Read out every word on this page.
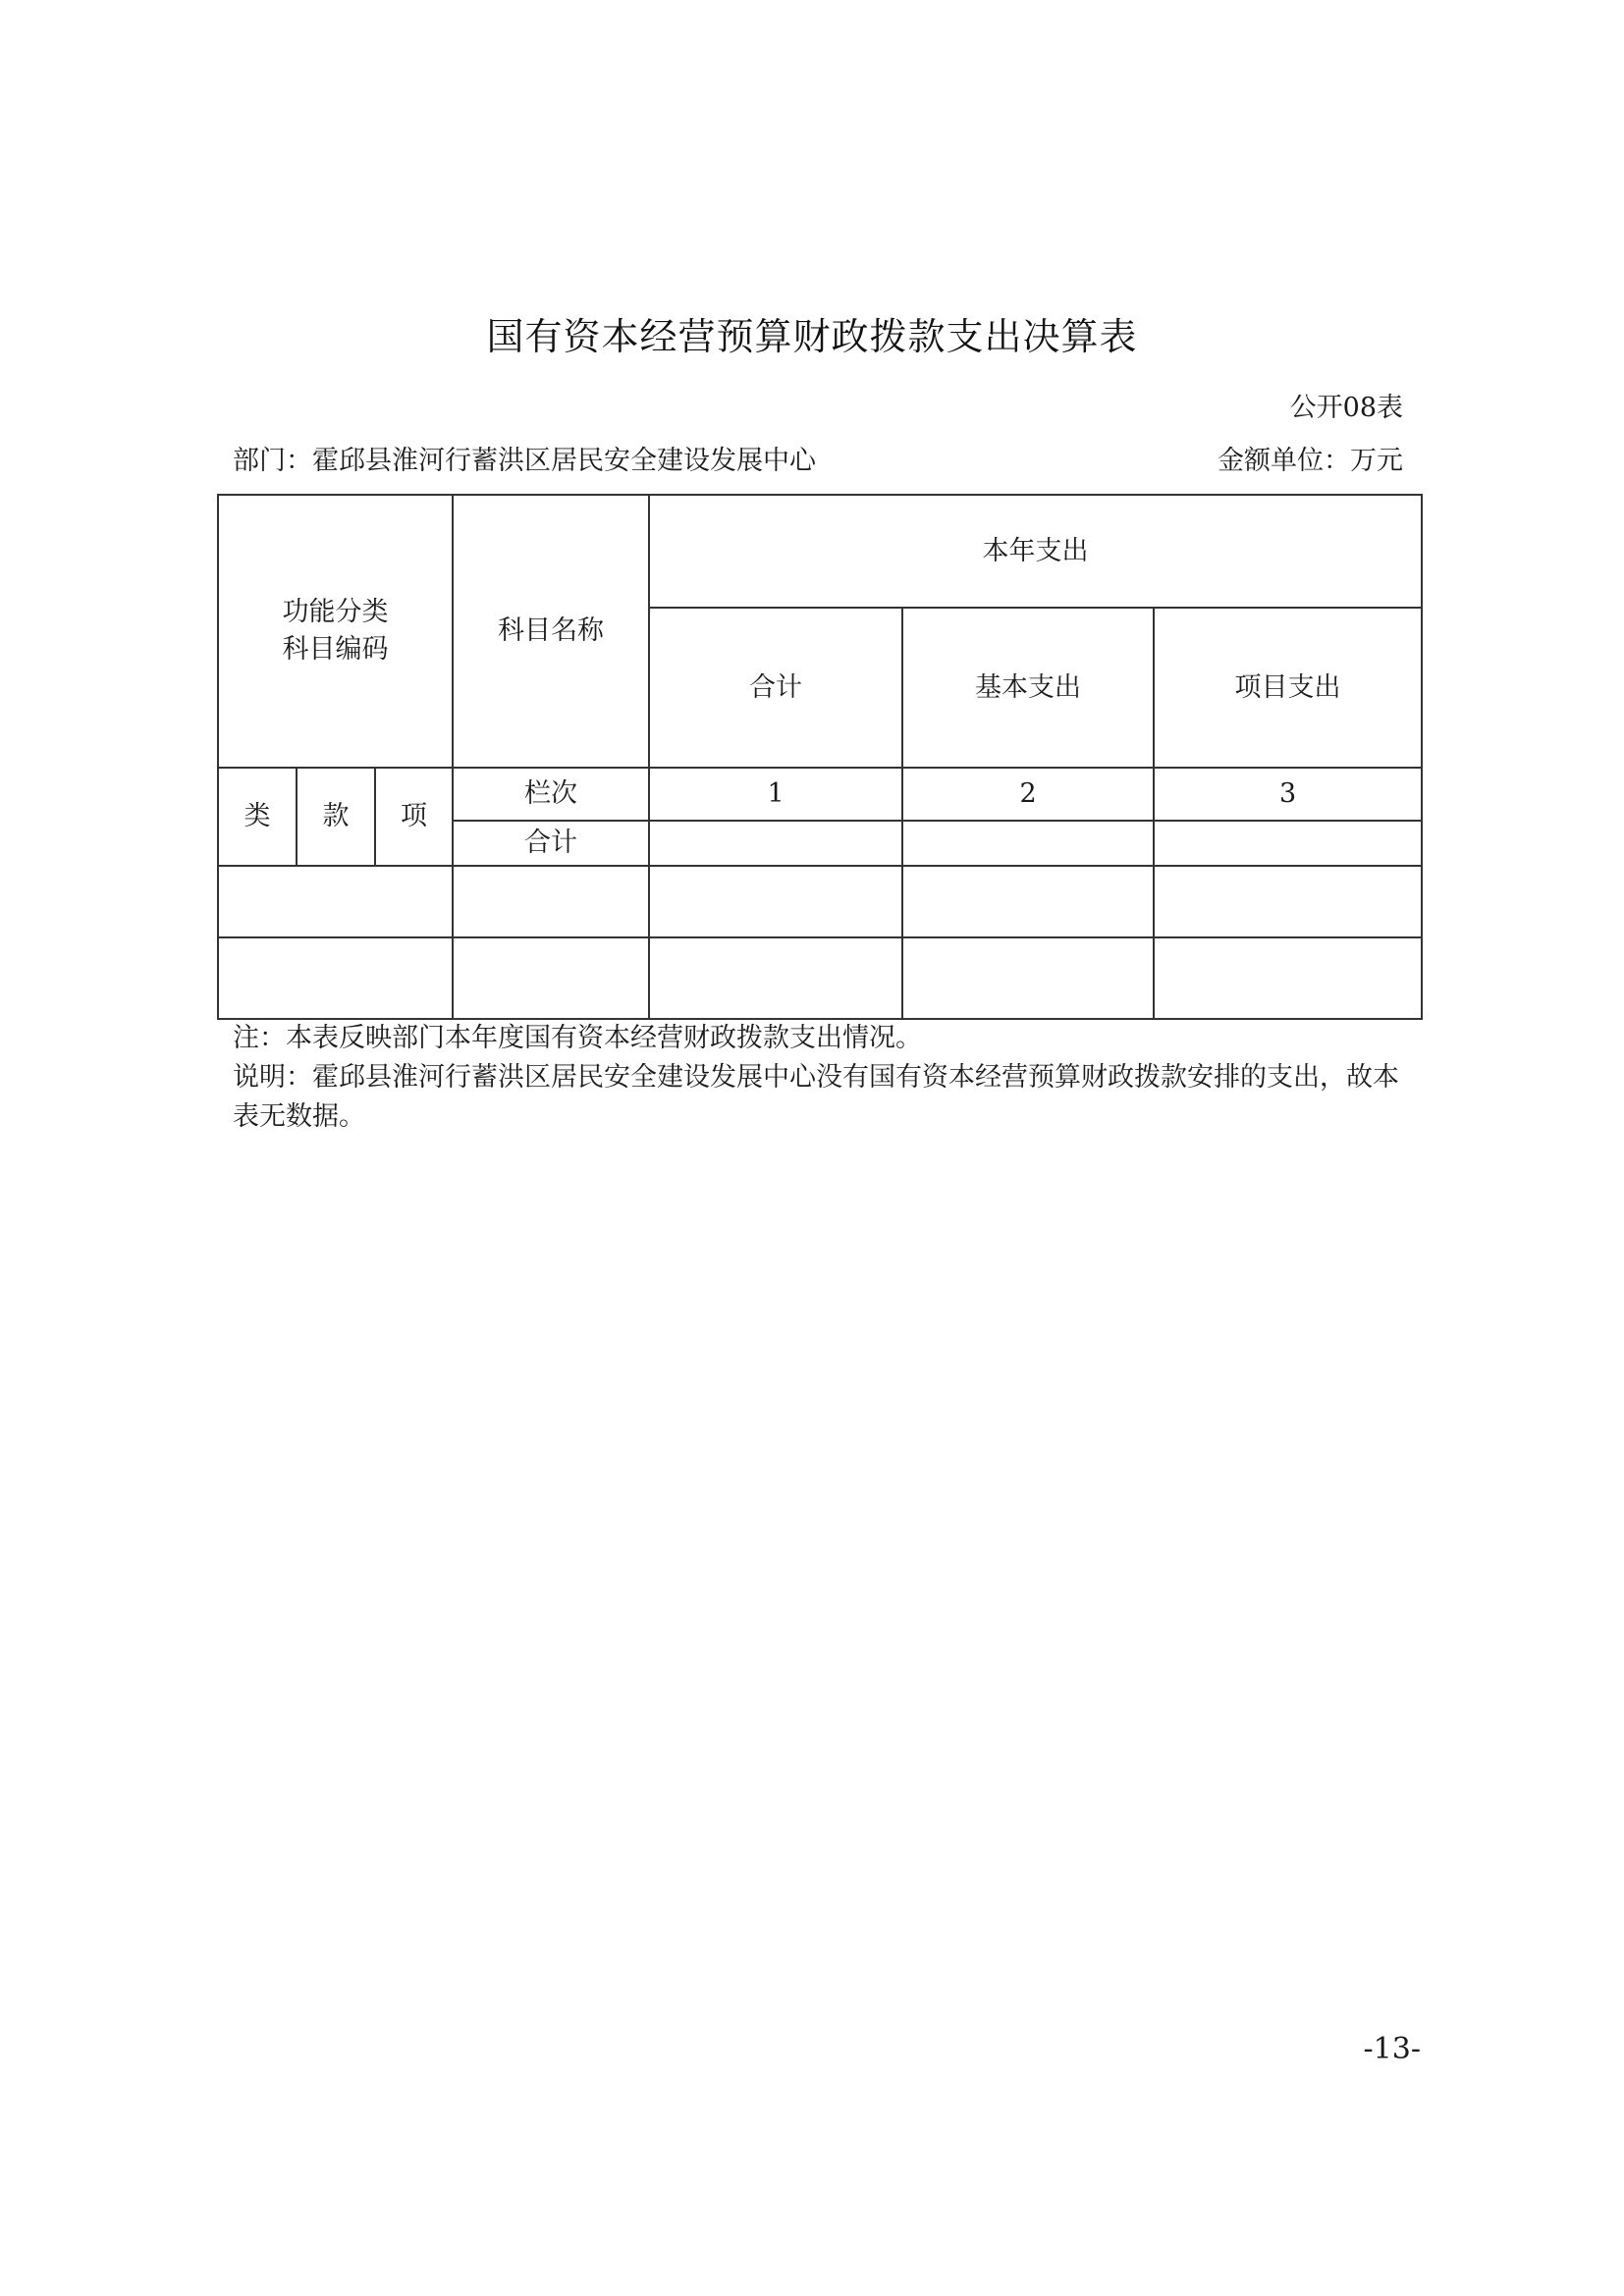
国有资本经营预算财政拨款支出决算表
公开08表
部门：霍邱县淮河行蓄洪区居民安全建设发展中心	金额单位：万元
功能分类
科目编码			科目名称	本年支出		
				合计	基本支出	项目支出
类	款	项	栏次	1	2	3
			合计			

注：本表反映部门本年度国有资本经营财政拨款支出情况。

说明：霍邱县淮河行蓄洪区居民安全建设发展中心没有国有资本经营预算财政拨款安排的支出，故本表无数据。

-13-
